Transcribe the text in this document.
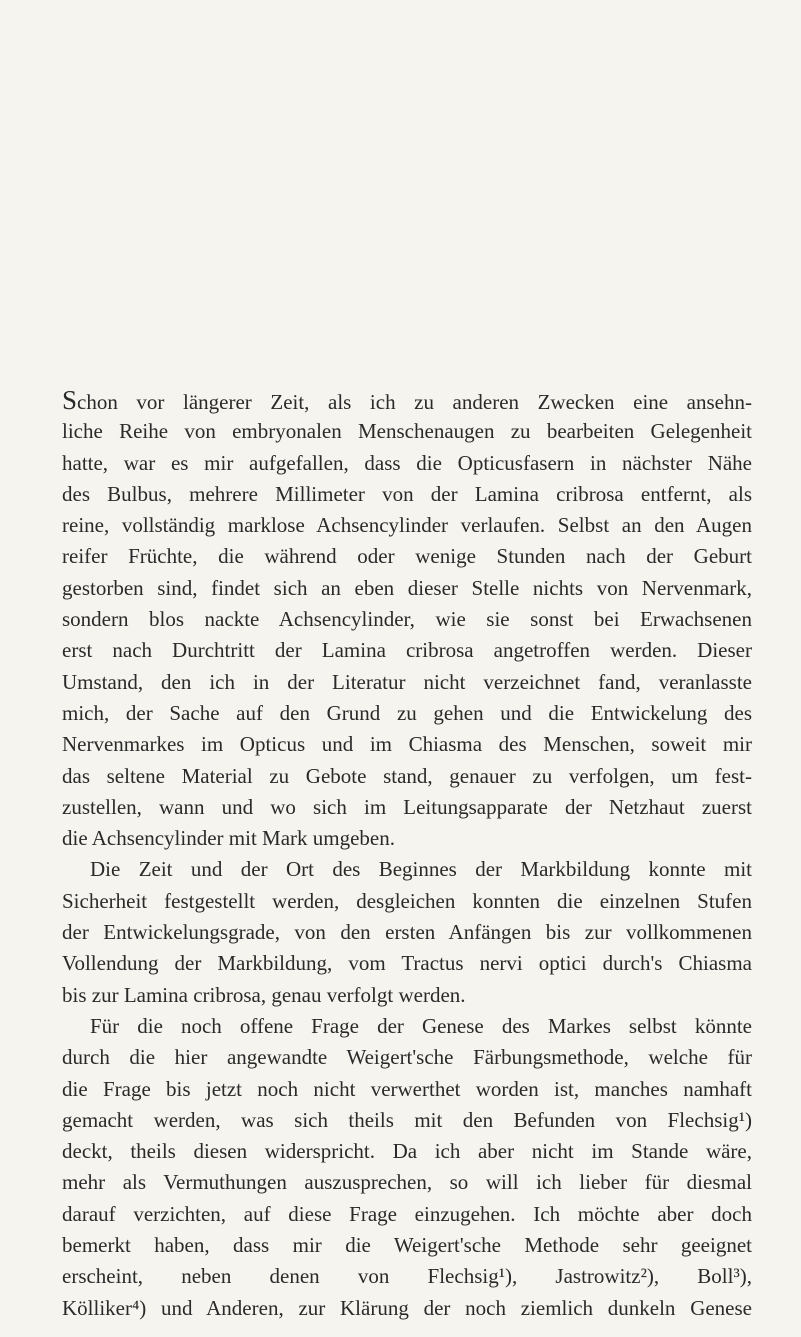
Schon vor längerer Zeit, als ich zu anderen Zwecken eine ansehn-
liche Reihe von embryonalen Menschenaugen zu bearbeiten Gelegenheit
hatte, war es mir aufgefallen, dass die Opticusfasern in nächster Nähe
des Bulbus, mehrere Millimeter von der Lamina cribrosa entfernt, als
reine, vollständig marklose Achsencylinder verlaufen. Selbst an den Augen
reifer Früchte, die während oder wenige Stunden nach der Geburt
gestorben sind, findet sich an eben dieser Stelle nichts von Nervenmark,
sondern blos nackte Achsencylinder, wie sie sonst bei Erwachsenen
erst nach Durchtritt der Lamina cribrosa angetroffen werden. Dieser
Umstand, den ich in der Literatur nicht verzeichnet fand, veranlasste
mich, der Sache auf den Grund zu gehen und die Entwickelung des
Nervenmarkes im Opticus und im Chiasma des Menschen, soweit mir
das seltene Material zu Gebote stand, genauer zu verfolgen, um fest-
zustellen, wann und wo sich im Leitungsapparate der Netzhaut zuerst
die Achsencylinder mit Mark umgeben.
Die Zeit und der Ort des Beginnes der Markbildung konnte mit
Sicherheit festgestellt werden, desgleichen konnten die einzelnen Stufen
der Entwickelungsgrade, von den ersten Anfängen bis zur vollkommenen
Vollendung der Markbildung, vom Tractus nervi optici durch's Chiasma
bis zur Lamina cribrosa, genau verfolgt werden.
Für die noch offene Frage der Genese des Markes selbst könnte
durch die hier angewandte Weigert'sche Färbungsmethode, welche für
die Frage bis jetzt noch nicht verwerthet worden ist, manches namhaft
gemacht werden, was sich theils mit den Befunden von Flechsig¹)
deckt, theils diesen widerspricht. Da ich aber nicht im Stande wäre,
mehr als Vermuthungen auszusprechen, so will ich lieber für diesmal
darauf verzichten, auf diese Frage einzugehen. Ich möchte aber doch
bemerkt haben, dass mir die Weigert'sche Methode sehr geeignet
erscheint, neben denen von Flechsig¹), Jastrowitz²), Boll³),
Kölliker⁴) und Anderen, zur Klärung der noch ziemlich dunkeln Genese
